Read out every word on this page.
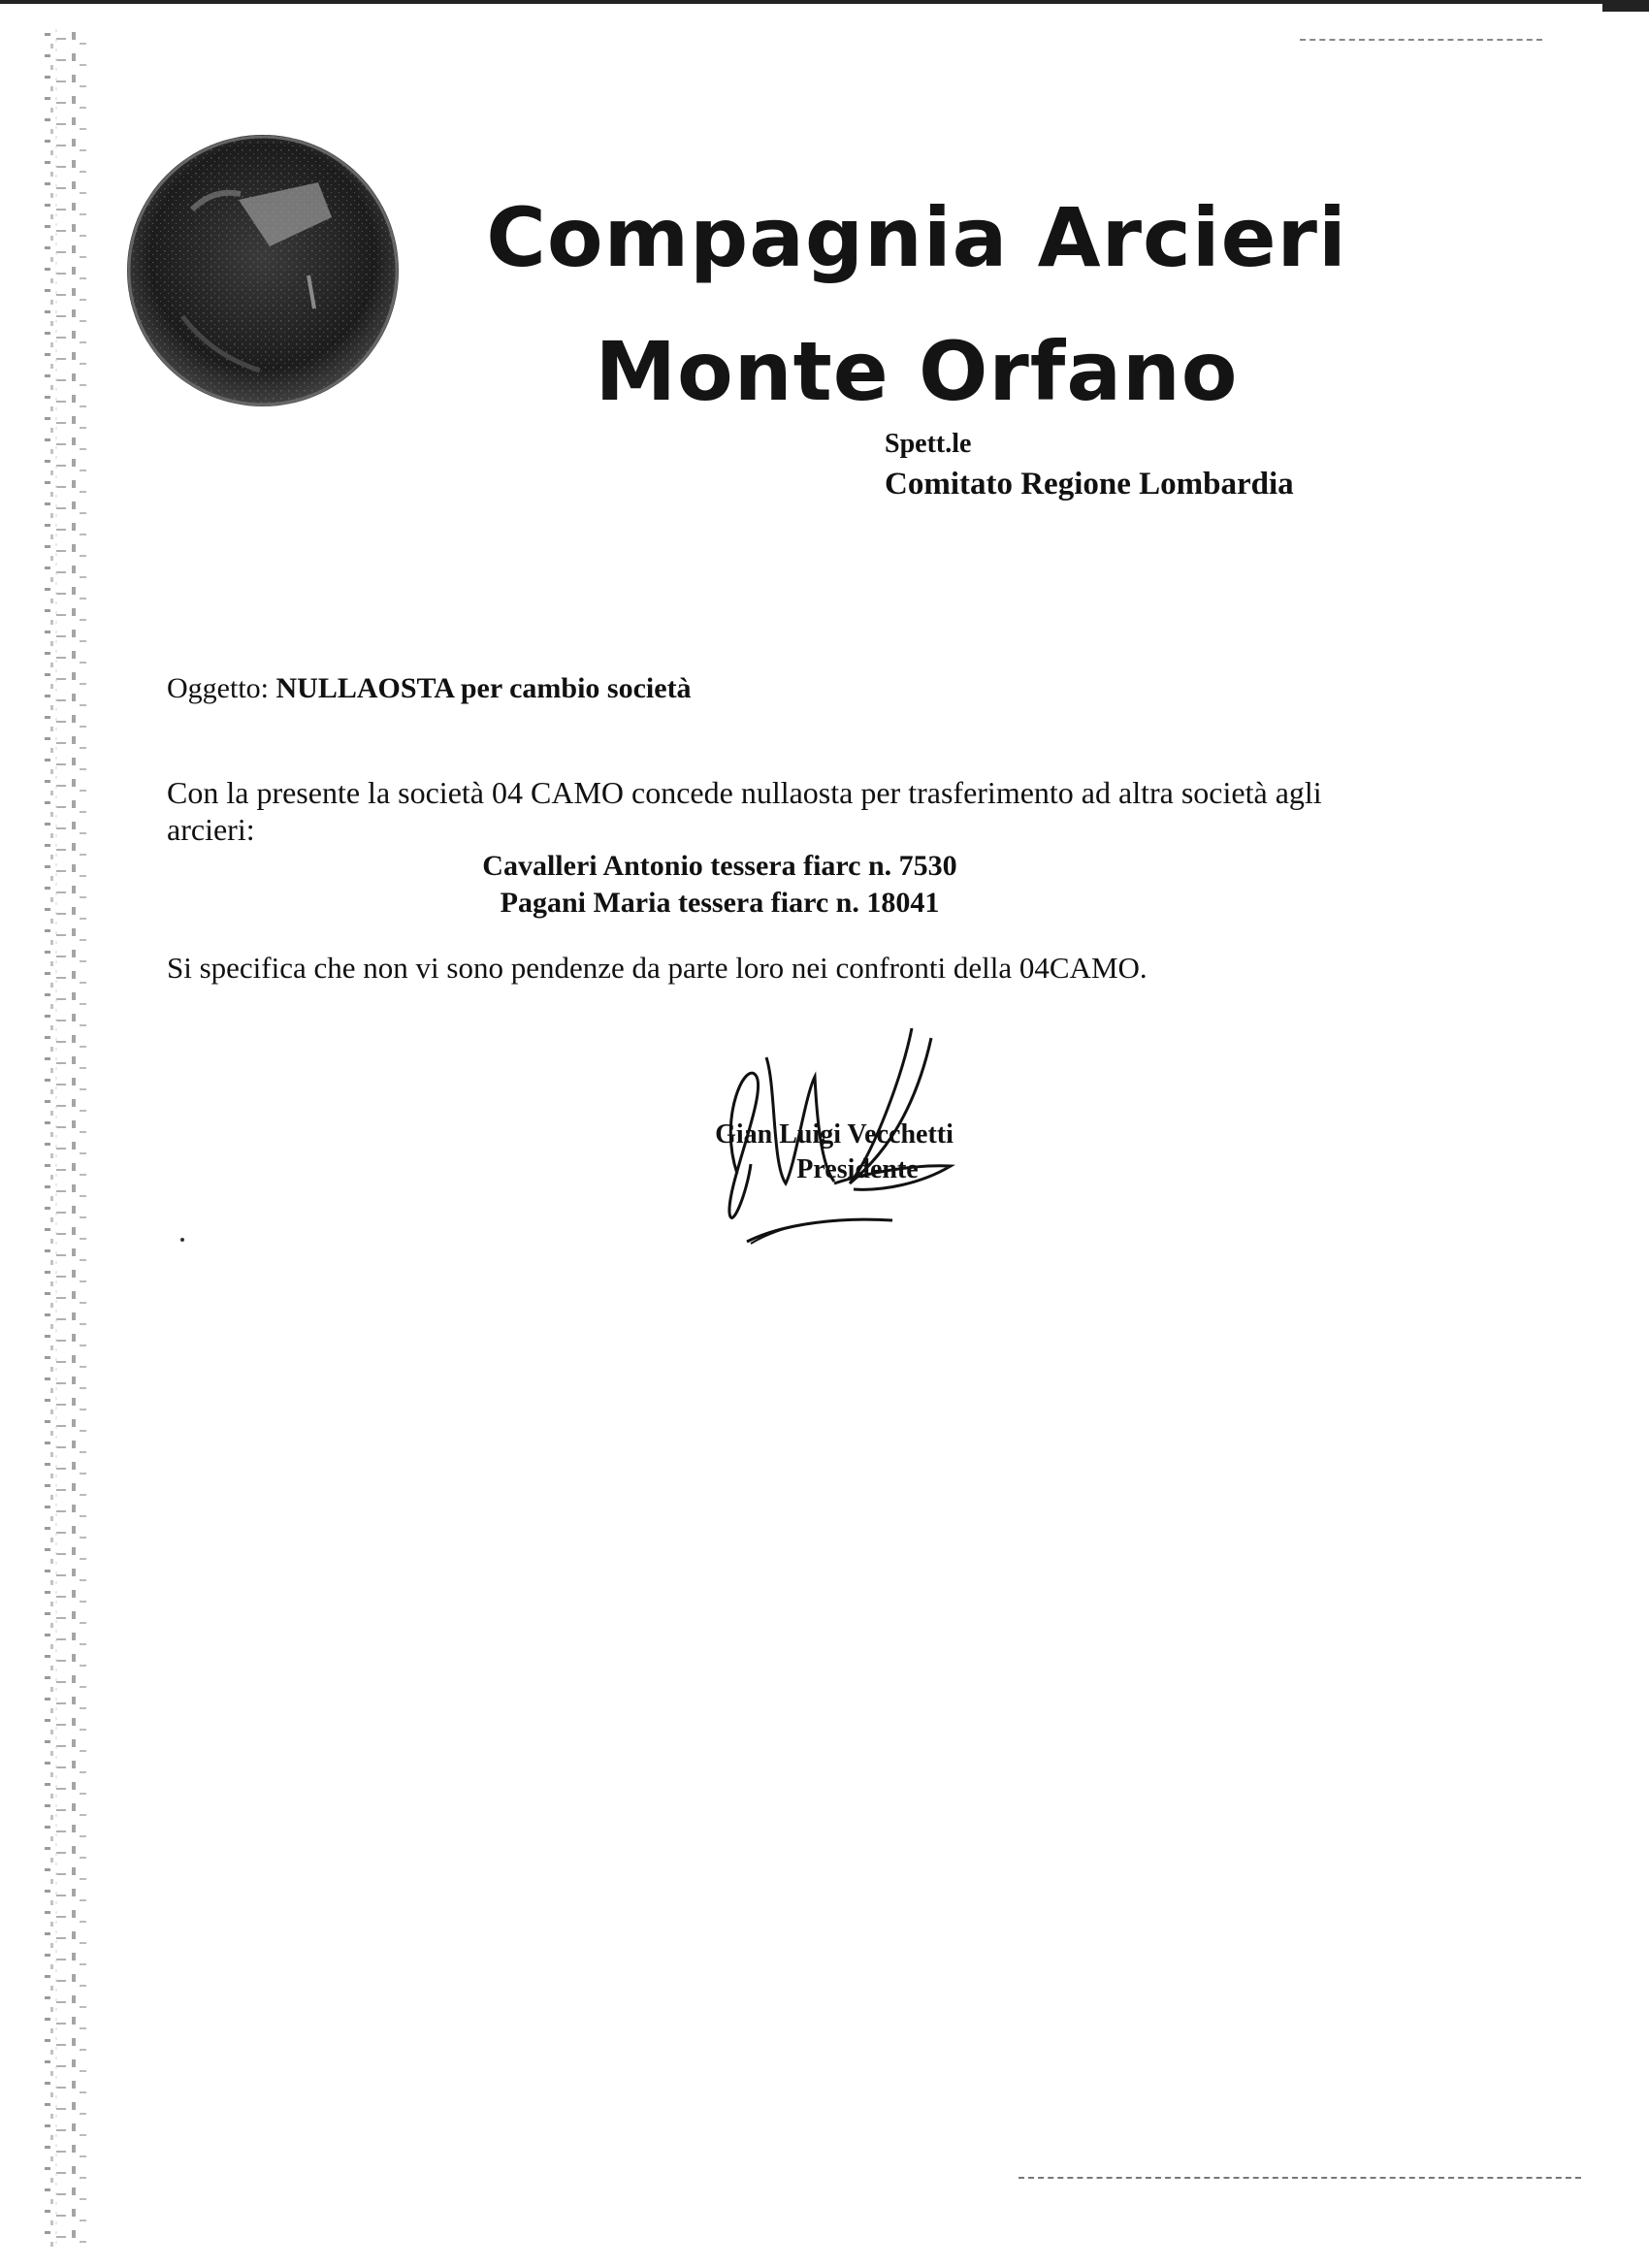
Compagnia Arcieri
Monte Orfano
Spett.le
Comitato Regione Lombardia
Oggetto: NULLAOSTA per cambio società
Con la presente la società 04 CAMO concede nullaosta per trasferimento ad altra società agli arcieri:
Cavalleri Antonio tessera fiarc n. 7530
Pagani Maria tessera fiarc n. 18041
Si specifica che non vi sono pendenze da parte loro nei confronti della 04CAMO.
Gian Luigi Vecchetti
Presidente
